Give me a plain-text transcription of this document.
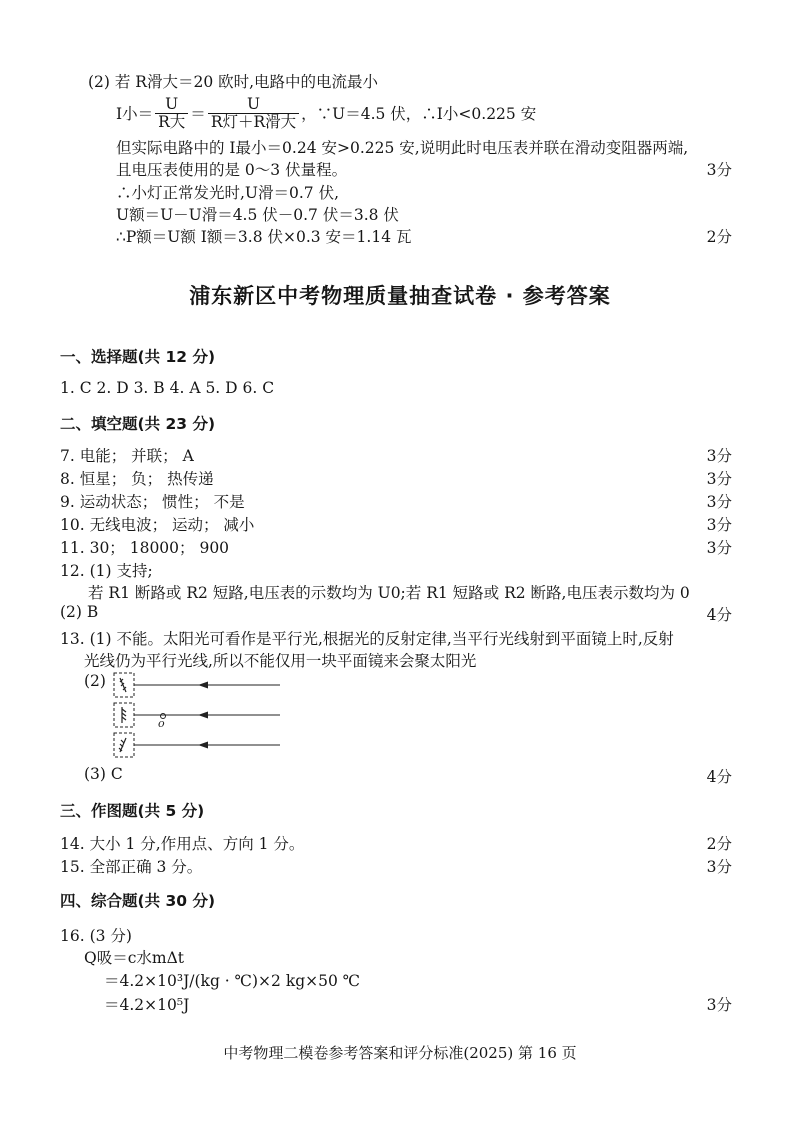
(2) 若 R滑大＝20 欧时,电路中的电流最小
I小＝ $\frac{U}{\text{R大}} = \frac{U}{\text{R灯＋R滑大}}$ ，∵U＝4.5 伏，∴I小<0.225 安
但实际电路中的 I最小＝0.24 安>0.225 安,说明此时电压表并联在滑动变阻器两端,
且电压表使用的是 0～3 伏量程。	3分
∴小灯正常发光时,U滑＝0.7 伏,
U额＝U－U滑＝4.5 伏－0.7 伏＝3.8 伏
∴P额＝U额 I额＝3.8 伏×0.3 安＝1.14 瓦	2分
浦东新区中考物理质量抽查试卷 · 参考答案
一、选择题(共 12 分)
1. C 2. D 3. B 4. A 5. D 6. C
二、填空题(共 23 分)
7. 电能； 并联； A	3分
8. 恒星； 负； 热传递	3分
9. 运动状态； 惯性； 不是	3分
10. 无线电波； 运动； 减小	3分
11. 30； 18000； 900	3分
12. (1) 支持;
若 R1 断路或 R2 短路,电压表的示数均为 U0;若 R1 短路或 R2 断路,电压表示数均为 0
(2) B	4分
13. (1) 不能。太阳光可看作是平行光,根据光的反射定律,当平行光线射到平面镜上时,反射
光线仍为平行光线,所以不能仅用一块平面镜来会聚太阳光
(2)
o
(3) C	4分
三、作图题(共 5 分)
14. 大小 1 分,作用点、方向 1 分。	2分
15. 全部正确 3 分。	3分
四、综合题(共 30 分)
16. (3 分)
Q吸＝c水mΔt
＝4.2×10³J/(kg · ℃)×2 kg×50 ℃
＝4.2×10⁵J	3分
中考物理二模卷参考答案和评分标准(2025) 第 16 页
